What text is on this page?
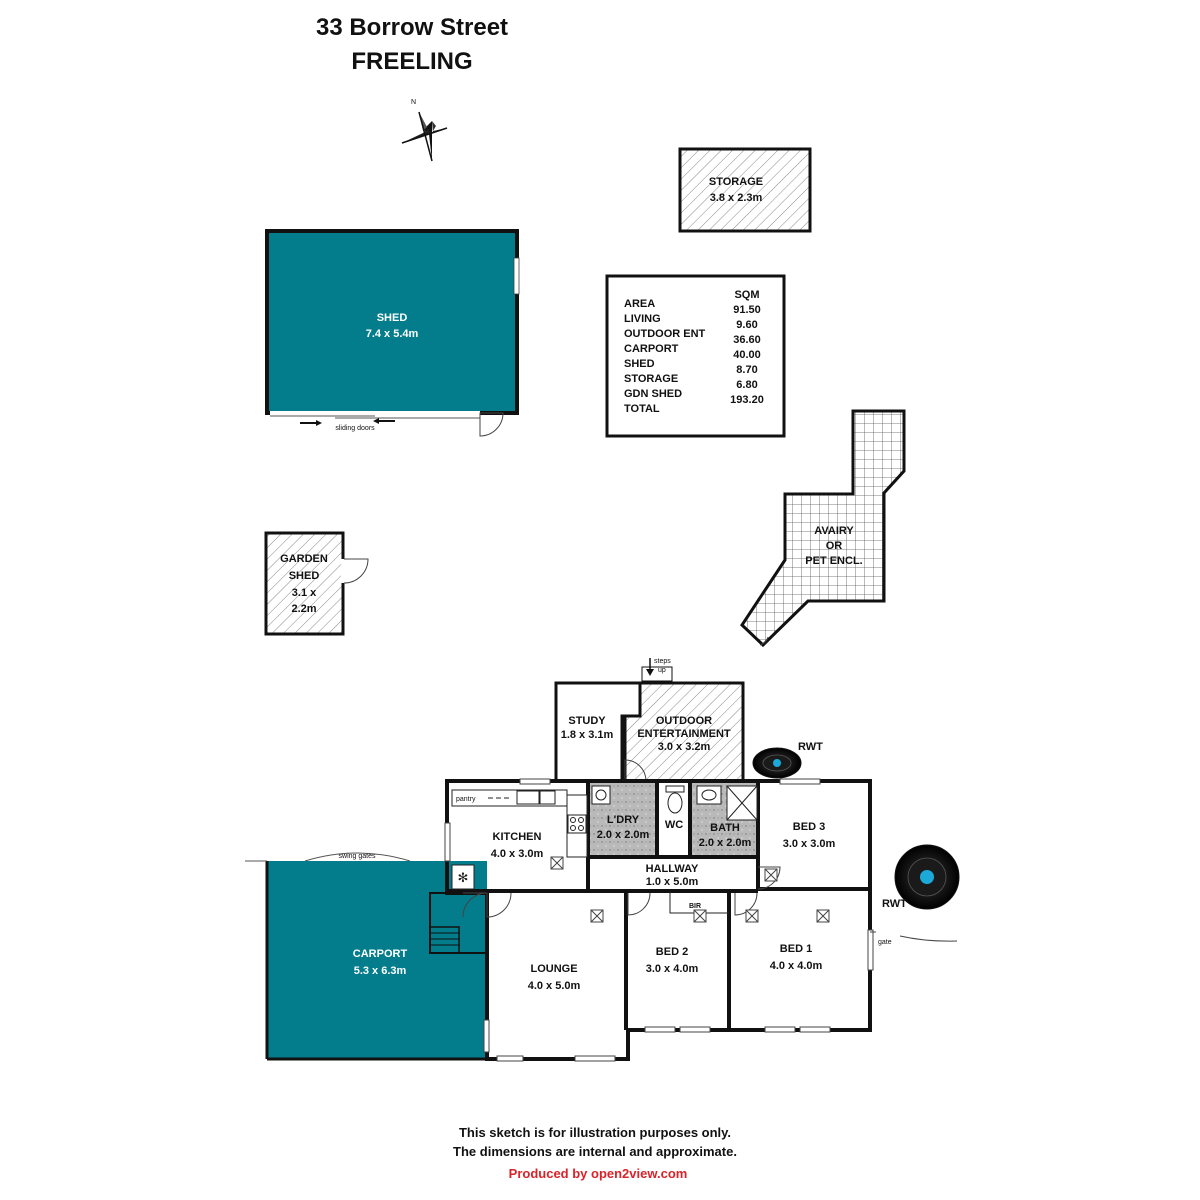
33 Borrow Street
FREELING
N
STORAGE
3.8 x 2.3m
SHED
7.4 x 5.4m
sliding doors
SQM
AREA
LIVING
91.50
OUTDOOR ENT
9.60
CARPORT
36.60
SHED
40.00
STORAGE
8.70
GDN SHED
6.80
TOTAL
193.20
AVAIRY
OR
PET ENCL.
GARDEN
SHED
3.1 x
2.2m
CARPORT
5.3 x 6.3m
swing gates
STUDY
1.8 x 3.1m
steps
up
OUTDOOR
ENTERTAINMENT
3.0 x 3.2m
✻
pantry
KITCHEN
4.0 x 3.0m
L'DRY
2.0 x 2.0m
WC BATH
2.0 x 2.0m
BED 3
3.0 x 3.0m
HALLWAY
1.0 x 5.0m
LOUNGE
4.0 x 5.0m
BED 2
3.0 x 4.0m
BIR
BED 1
4.0 x 4.0m
RWT
RWT
gate
This sketch is for illustration purposes only.
The dimensions are internal and approximate.
Produced by open2view.com
